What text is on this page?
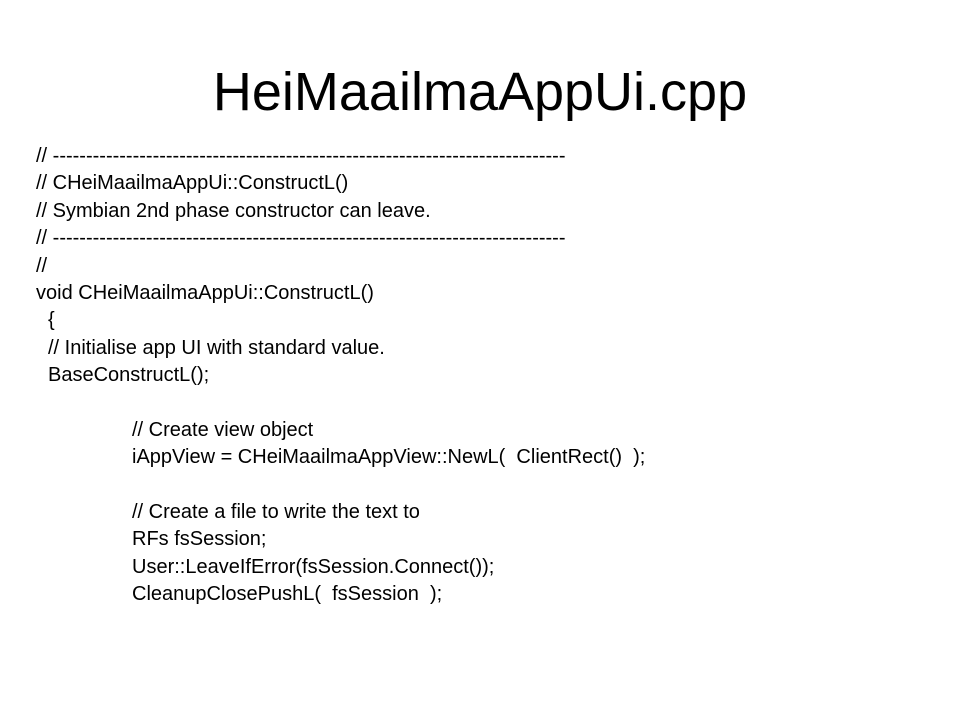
HeiMaailmaAppUi.cpp
// -----------------------------------------------------------------------------
// CHeiMaailmaAppUi::ConstructL()
// Symbian 2nd phase constructor can leave.
// -----------------------------------------------------------------------------
//
void CHeiMaailmaAppUi::ConstructL()
{
// Initialise app UI with standard value.
BaseConstructL();
// Create view object
iAppView = CHeiMaailmaAppView::NewL(  ClientRect()  );
// Create a file to write the text to
RFs fsSession;
User::LeaveIfError(fsSession.Connect());
CleanupClosePushL(  fsSession  );
